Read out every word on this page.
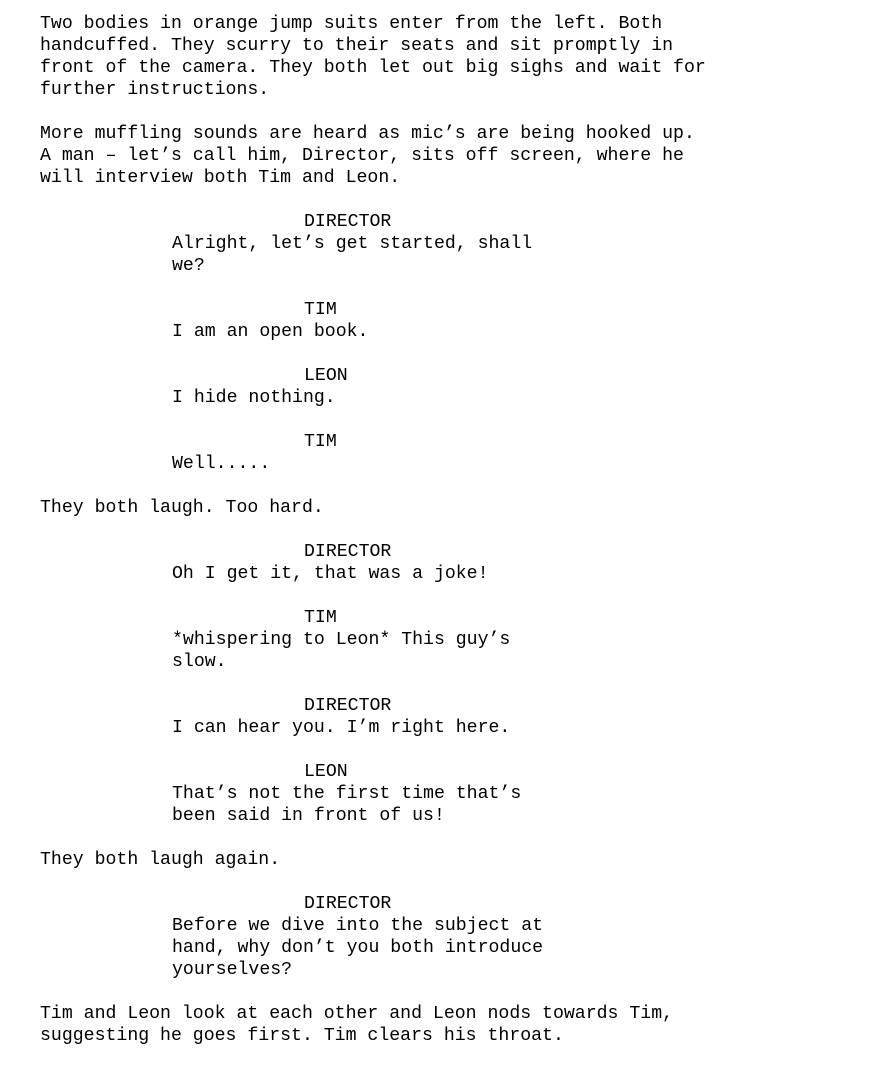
Two bodies in orange jump suits enter from the left. Both
handcuffed. They scurry to their seats and sit promptly in
front of the camera. They both let out big sighs and wait for
further instructions.

More muffling sounds are heard as mic’s are being hooked up.
A man – let’s call him, Director, sits off screen, where he
will interview both Tim and Leon.

DIRECTOR

Alright, let’s get started, shall
we?

TIM

I am an open book.

LEON

I hide nothing.

TIM

Well.....

They both laugh. Too hard.

DIRECTOR

Oh I get it, that was a joke!

TIM

*whispering to Leon* This guy’s
slow.

DIRECTOR

I can hear you. I’m right here.

LEON

That’s not the first time that’s
been said in front of us!

They both laugh again.

DIRECTOR

Before we dive into the subject at
hand, why don’t you both introduce
yourselves?

Tim and Leon look at each other and Leon nods towards Tim,
suggesting he goes first. Tim clears his throat.
